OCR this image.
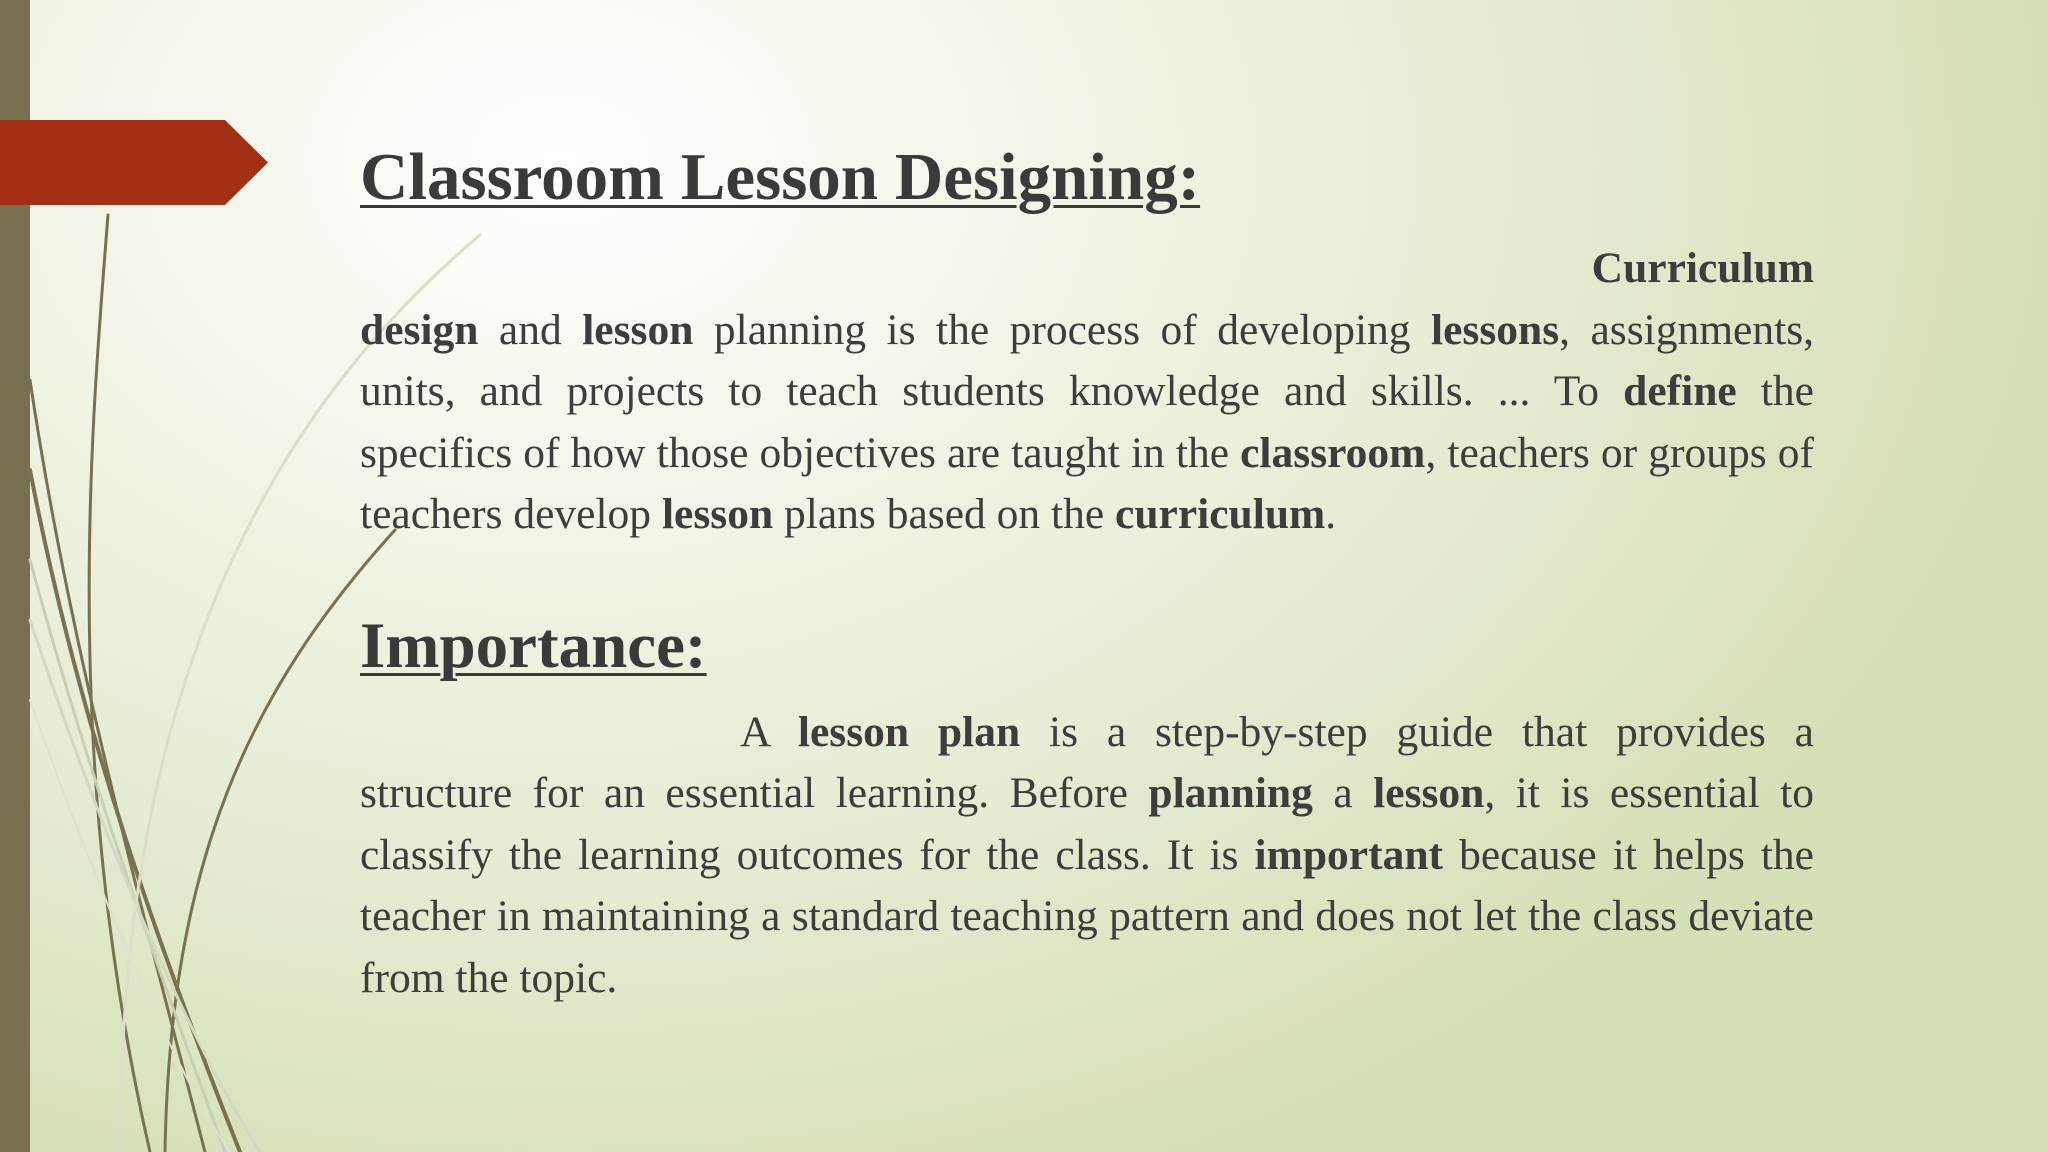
Classroom Lesson Designing:
Curriculum

design and lesson planning is the process of developing lessons, assignments, units, and projects to teach students knowledge and skills. ... To define the specifics of how those objectives are taught in the classroom, teachers or groups of teachers develop lesson plans based on the curriculum.

Importance:

A lesson plan is a step-by-step guide that provides a structure for an essential learning. Before planning a lesson, it is essential to classify the learning outcomes for the class. It is important because it helps the teacher in maintaining a standard teaching pattern and does not let the class deviate from the topic.
